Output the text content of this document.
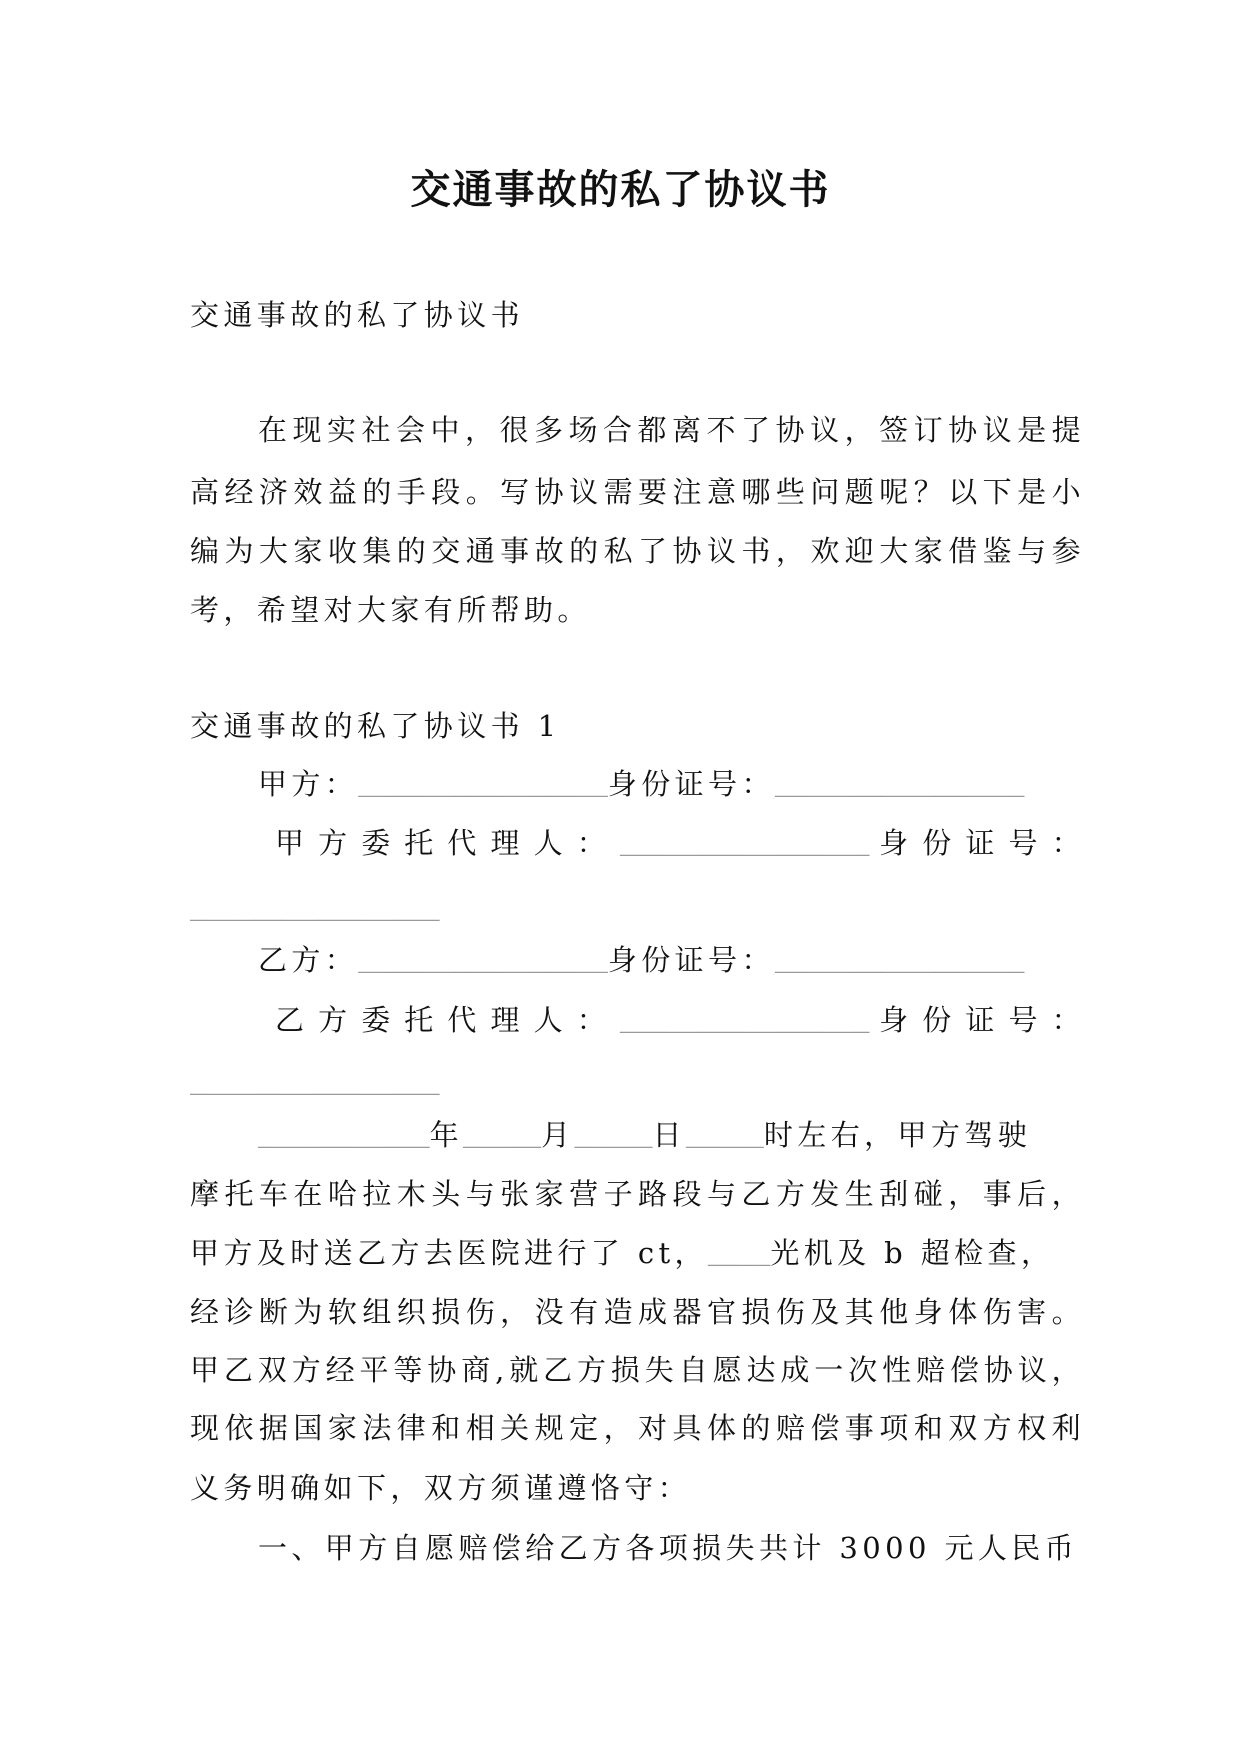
交通事故的私了协议书
交通事故的私了协议书
在现实社会中，很多场合都离不了协议，签订协议是提
高经济效益的手段。写协议需要注意哪些问题呢？以下是小
编为大家收集的交通事故的私了协议书，欢迎大家借鉴与参
考，希望对大家有所帮助。
交通事故的私了协议书 1
甲方：________________身份证号：________________
甲方委托代理人：________________身份证号：
________________
乙方：________________身份证号：________________
乙方委托代理人：________________身份证号：
________________
___________年_____月_____日_____时左右，甲方驾驶
摩托车在哈拉木头与张家营子路段与乙方发生刮碰，事后，
甲方及时送乙方去医院进行了 ct，____光机及 b 超检查，
经诊断为软组织损伤，没有造成器官损伤及其他身体伤害。
甲乙双方经平等协商,就乙方损失自愿达成一次性赔偿协议，
现依据国家法律和相关规定，对具体的赔偿事项和双方权利
义务明确如下，双方须谨遵恪守：
一、甲方自愿赔偿给乙方各项损失共计 3000 元人民币
